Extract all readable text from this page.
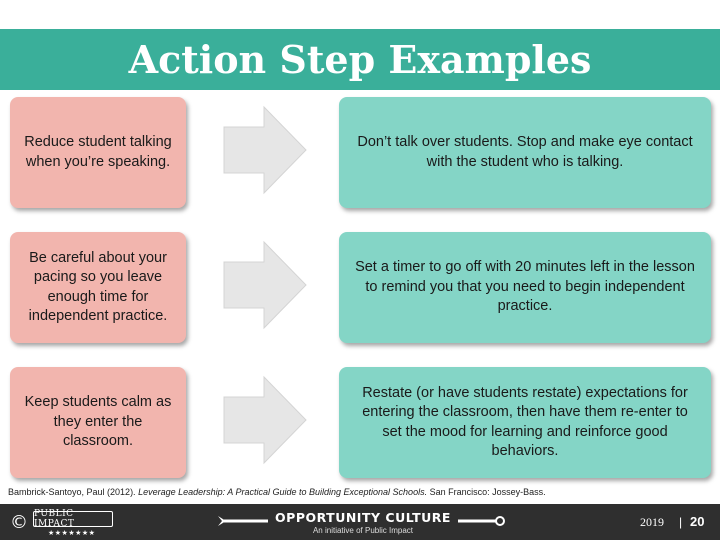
Action Step Examples
Reduce student talking when you’re speaking.
Don’t talk over students. Stop and make eye contact with the student who is talking.
Be careful about your pacing so you leave enough time for independent practice.
Set a timer to go off with 20 minutes left in the lesson to remind you that you need to begin independent practice.
Keep students calm as they enter the classroom.
Restate (or have students restate) expectations for entering the classroom, then have them re-enter to set the mood for learning and reinforce good behaviors.
Bambrick-Santoyo, Paul (2012). Leverage Leadership: A Practical Guide to Building Exceptional Schools. San Francisco: Jossey-Bass.
© PUBLIC IMPACT
★★★★★★★
OPPORTUNITY CULTURE
An initiative of Public Impact
2019 | 20
